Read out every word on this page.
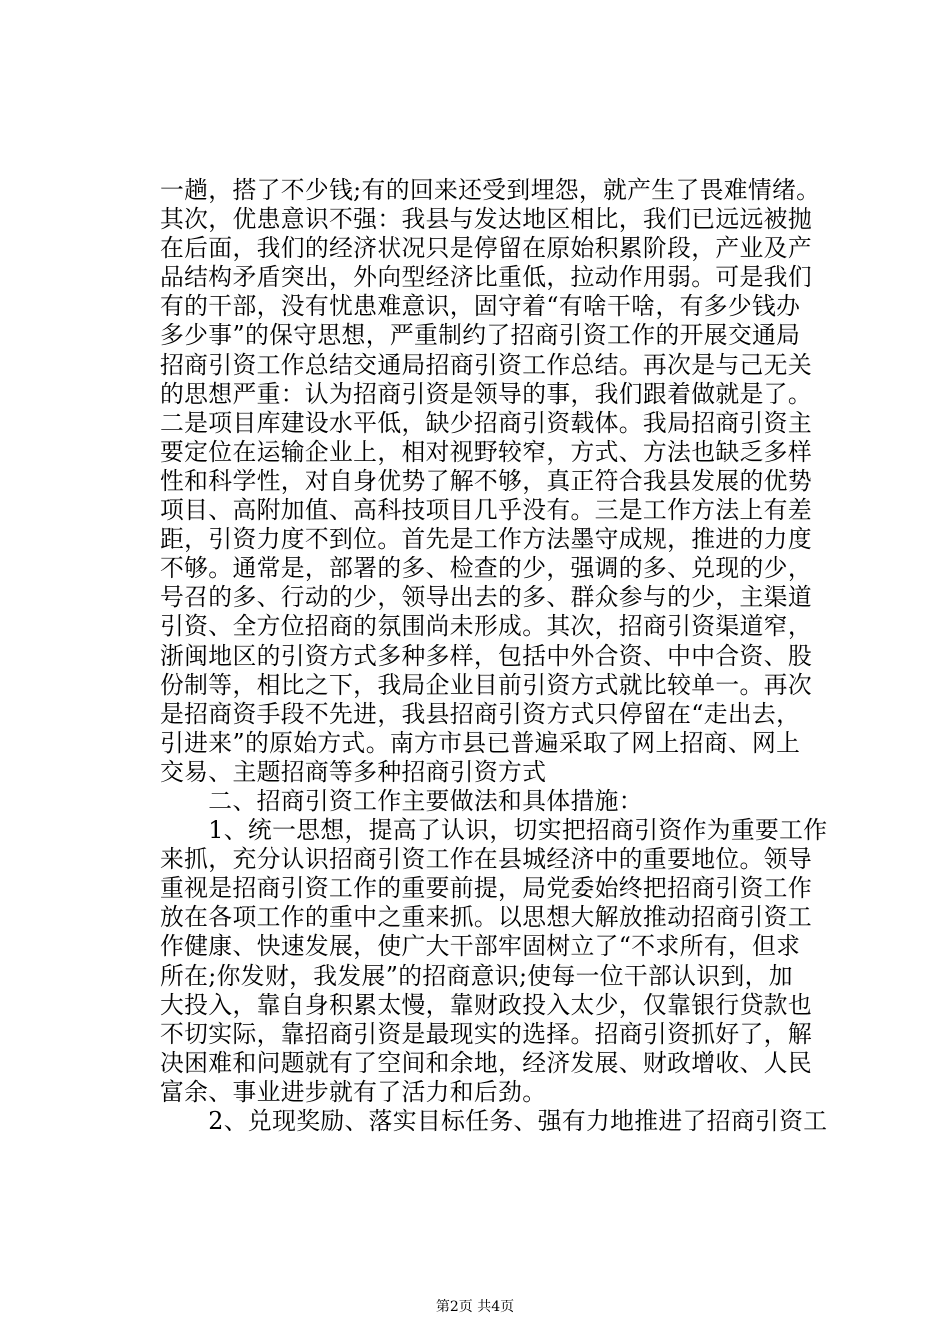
一趟，搭了不少钱;有的回来还受到埋怨，就产生了畏难情绪。
其次，优患意识不强：我县与发达地区相比，我们已远远被抛
在后面，我们的经济状况只是停留在原始积累阶段，产业及产
品结构矛盾突出，外向型经济比重低，拉动作用弱。可是我们
有的干部，没有忧患难意识，固守着“有啥干啥，有多少钱办
多少事”的保守思想，严重制约了招商引资工作的开展交通局
招商引资工作总结交通局招商引资工作总结。再次是与己无关
的思想严重：认为招商引资是领导的事，我们跟着做就是了。
二是项目库建设水平低，缺少招商引资载体。我局招商引资主
要定位在运输企业上，相对视野较窄，方式、方法也缺乏多样
性和科学性，对自身优势了解不够，真正符合我县发展的优势
项目、高附加值、高科技项目几乎没有。三是工作方法上有差
距，引资力度不到位。首先是工作方法墨守成规，推进的力度
不够。通常是，部署的多、检查的少，强调的多、兑现的少，
号召的多、行动的少，领导出去的多、群众参与的少，主渠道
引资、全方位招商的氛围尚未形成。其次，招商引资渠道窄，
浙闽地区的引资方式多种多样，包括中外合资、中中合资、股
份制等，相比之下，我局企业目前引资方式就比较单一。再次
是招商资手段不先进，我县招商引资方式只停留在“走出去，
引进来”的原始方式。南方市县已普遍采取了网上招商、网上
交易、主题招商等多种招商引资方式
　　二、招商引资工作主要做法和具体措施：
　　1、统一思想，提高了认识，切实把招商引资作为重要工作
来抓，充分认识招商引资工作在县城经济中的重要地位。领导
重视是招商引资工作的重要前提，局党委始终把招商引资工作
放在各项工作的重中之重来抓。以思想大解放推动招商引资工
作健康、快速发展，使广大干部牢固树立了“不求所有，但求
所在;你发财，我发展”的招商意识;使每一位干部认识到，加
大投入，靠自身积累太慢，靠财政投入太少，仅靠银行贷款也
不切实际，靠招商引资是最现实的选择。招商引资抓好了，解
决困难和问题就有了空间和余地，经济发展、财政增收、人民
富余、事业进步就有了活力和后劲。
　　2、兑现奖励、落实目标任务、强有力地推进了招商引资工
第2页 共4页
